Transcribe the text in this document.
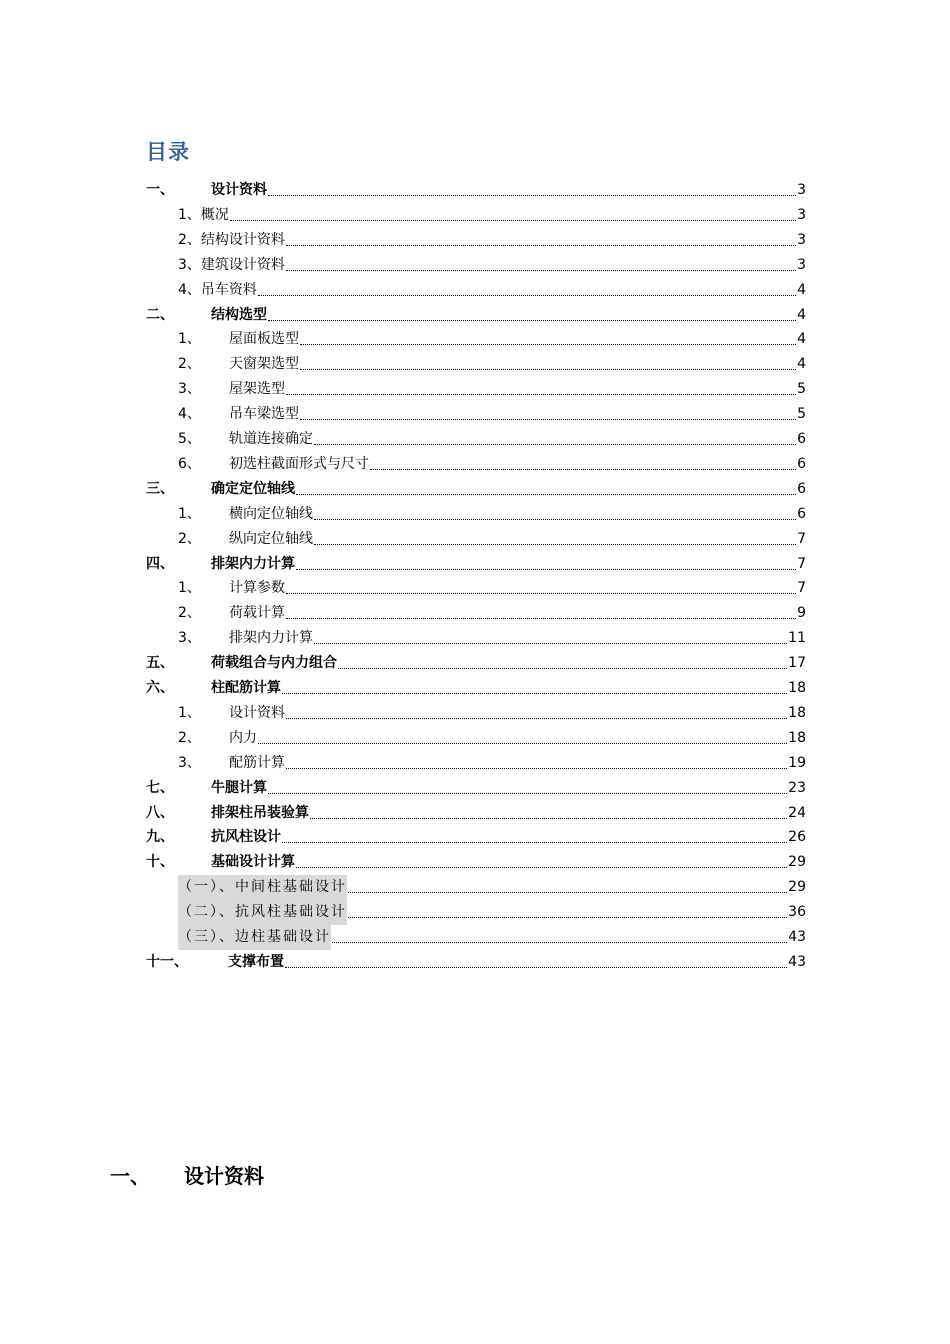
目录
一、	设计资料	3
1、概况	3
2、结构设计资料	3
3、建筑设计资料	3
4、吊车资料	4
二、	结构选型	4
1、 屋面板选型	4
2、 天窗架选型	4
3、 屋架选型	5
4、 吊车梁选型	5
5、 轨道连接确定	6
6、 初选柱截面形式与尺寸	6
三、	确定定位轴线	6
1、 横向定位轴线	6
2、 纵向定位轴线	7
四、	排架内力计算	7
1、 计算参数	7
2、 荷载计算	9
3、 排架内力计算	11
五、	荷载组合与内力组合	17
六、	柱配筋计算	18
1、 设计资料	18
2、 内力	18
3、 配筋计算	19
七、	牛腿计算	23
八、	排架柱吊装验算	24
九、	抗风柱设计	26
十、	基础设计计算	29
（一）、中间柱基础设计	29
（二）、抗风柱基础设计	36
（三）、边柱基础设计	43
十一、	支撑布置	43
一、 设计资料
